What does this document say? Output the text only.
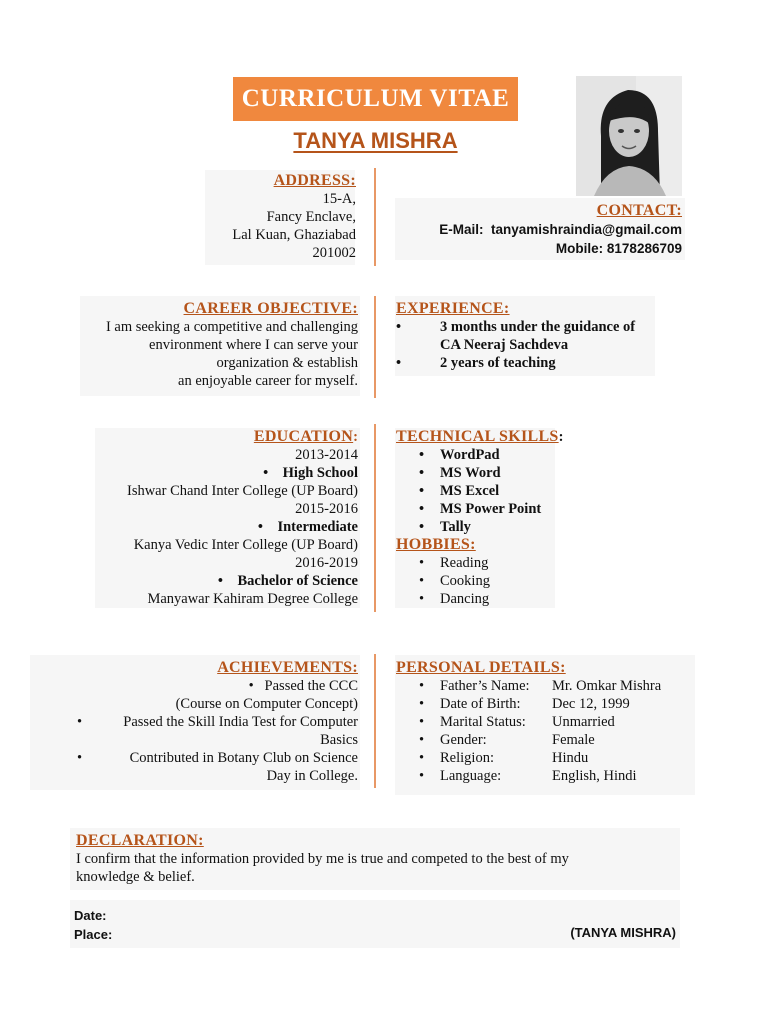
CURRICULUM VITAE
TANYA MISHRA
ADDRESS:
15-A,
Fancy Enclave,
Lal Kuan, Ghaziabad
201002
CONTACT:
E-Mail: tanyamishraindia@gmail.com
Mobile: 8178286709
CAREER OBJECTIVE:
I am seeking a competitive and challenging
environment where I can serve your
organization & establish
an enjoyable career for myself.
EXPERIENCE:
•	3 months under the guidance of
CA Neeraj Sachdeva
•	2 years of teaching
EDUCATION:
2013-2014
•    High School
Ishwar Chand Inter College (UP Board)
2015-2016
•    Intermediate
Kanya Vedic Inter College (UP Board)
2016-2019
•    Bachelor of Science
Manyawar Kahiram Degree College
TECHNICAL SKILLS:
• WordPad
• MS Word
• MS Excel
• MS Power Point
• Tally
HOBBIES:
• Reading
• Cooking
• Dancing
ACHIEVEMENTS:
•   Passed the CCC
(Course on Computer Concept)
•	Passed the Skill India Test for Computer
Basics
•	Contributed in Botany Club on Science
Day in College.
PERSONAL DETAILS:
•	Father’s Name:	Mr. Omkar Mishra
•	Date of Birth:	Dec 12, 1999
•	Marital Status:	Unmarried
•	Gender:	Female
•	Religion:	Hindu
•	Language:	English, Hindi
DECLARATION:
I confirm that the information provided by me is true and competed to the best of my
knowledge & belief.
Date:
Place:	(TANYA MISHRA)
